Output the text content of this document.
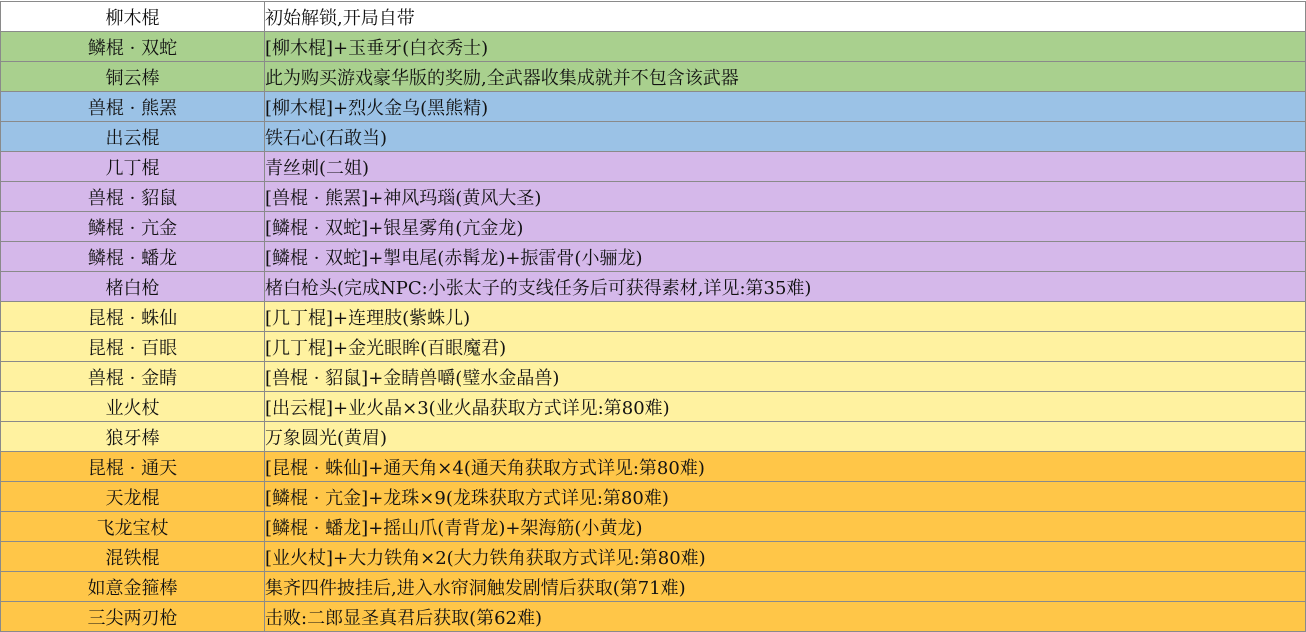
柳木棍	初始解锁,开局自带
鳞棍 · 双蛇	[柳木棍]+玉垂牙(白衣秀士)
铜云棒	此为购买游戏豪华版的奖励,全武器收集成就并不包含该武器
兽棍 · 熊罴	[柳木棍]+烈火金乌(黑熊精)
出云棍	铁石心(石敢当)
几丁棍	青丝刺(二姐)
兽棍 · 貂鼠	[兽棍 · 熊罴]+神风玛瑙(黄风大圣)
鳞棍 · 亢金	[鳞棍 · 双蛇]+银星雾角(亢金龙)
鳞棍 · 蟠龙	[鳞棍 · 双蛇]+掣电尾(赤髯龙)+振雷骨(小骊龙)
楮白枪	楮白枪头(完成NPC:小张太子的支线任务后可获得素材,详见:第35难)
昆棍 · 蛛仙	[几丁棍]+连理肢(紫蛛儿)
昆棍 · 百眼	[几丁棍]+金光眼眸(百眼魔君)
兽棍 · 金睛	[兽棍 · 貂鼠]+金睛兽嚼(璧水金晶兽)
业火杖	[出云棍]+业火晶×3(业火晶获取方式详见:第80难)
狼牙棒	万象圆光(黄眉)
昆棍 · 通天	[昆棍 · 蛛仙]+通天角×4(通天角获取方式详见:第80难)
天龙棍	[鳞棍 · 亢金]+龙珠×9(龙珠获取方式详见:第80难)
飞龙宝杖	[鳞棍 · 蟠龙]+摇山爪(青背龙)+架海筋(小黄龙)
混铁棍	[业火杖]+大力铁角×2(大力铁角获取方式详见:第80难)
如意金箍棒	集齐四件披挂后,进入水帘洞触发剧情后获取(第71难)
三尖两刃枪	击败:二郎显圣真君后获取(第62难)
